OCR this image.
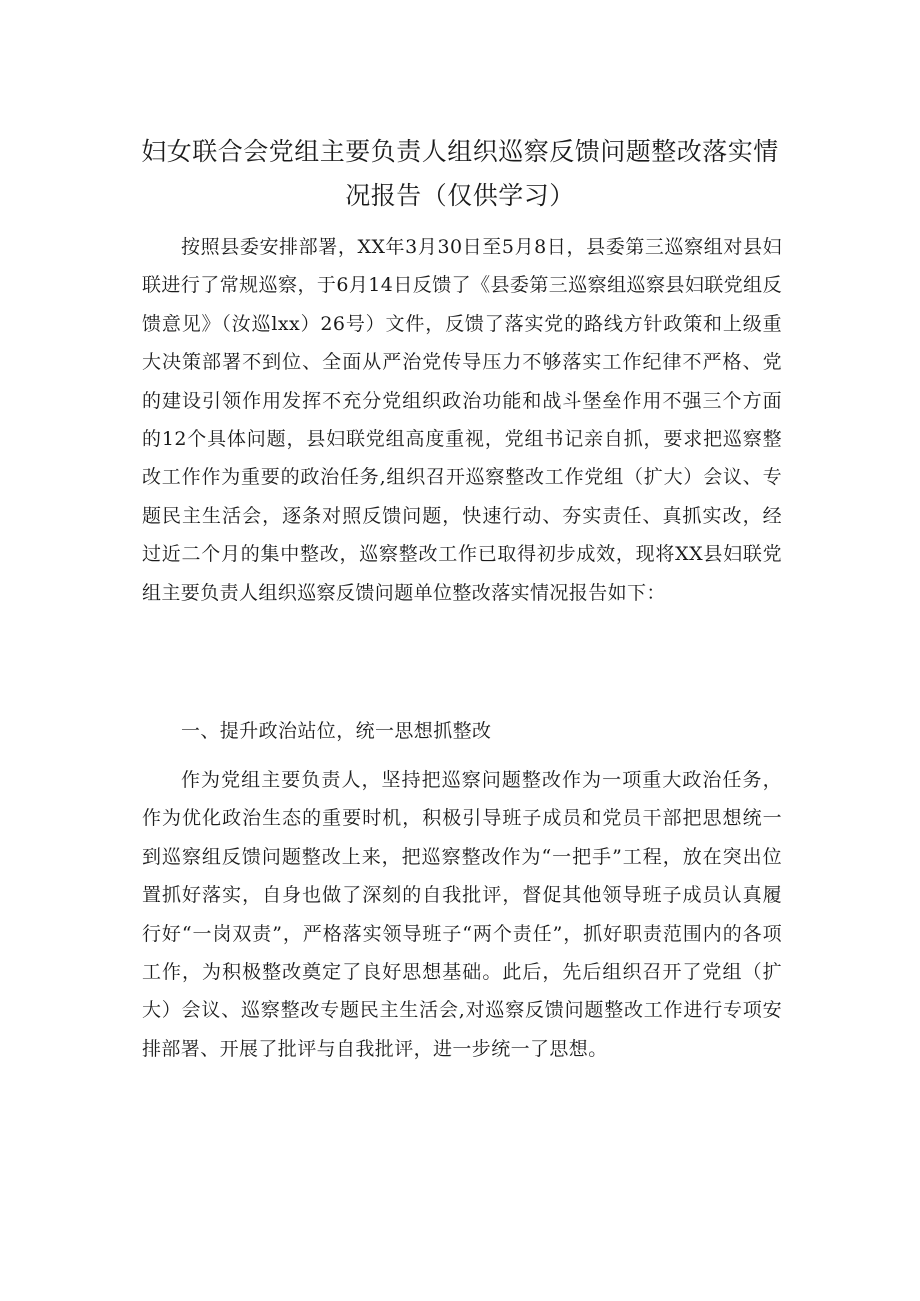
妇女联合会党组主要负责人组织巡察反馈问题整改落实情
况报告（仅供学习）

按照县委安排部署，XX年3月30日至5月8日，县委第三巡察组对县妇联进行了常规巡察，于6月14日反馈了《县委第三巡察组巡察县妇联党组反馈意见》（汝巡lxx）26号）文件，反馈了落实党的路线方针政策和上级重大决策部署不到位、全面从严治党传导压力不够落实工作纪律不严格、党的建设引领作用发挥不充分党组织政治功能和战斗堡垒作用不强三个方面的12个具体问题，县妇联党组高度重视，党组书记亲自抓，要求把巡察整改工作作为重要的政治任务,组织召开巡察整改工作党组（扩大）会议、专题民主生活会，逐条对照反馈问题，快速行动、夯实责任、真抓实改，经过近二个月的集中整改，巡察整改工作已取得初步成效，现将XX县妇联党组主要负责人组织巡察反馈问题单位整改落实情况报告如下：

一、提升政治站位，统一思想抓整改

作为党组主要负责人，坚持把巡察问题整改作为一项重大政治任务，作为优化政治生态的重要时机，积极引导班子成员和党员干部把思想统一到巡察组反馈问题整改上来，把巡察整改作为“一把手”工程，放在突出位置抓好落实，自身也做了深刻的自我批评，督促其他领导班子成员认真履行好“一岗双责”，严格落实领导班子“两个责任”，抓好职责范围内的各项工作，为积极整改奠定了良好思想基础。此后，先后组织召开了党组（扩大）会议、巡察整改专题民主生活会,对巡察反馈问题整改工作进行专项安排部署、开展了批评与自我批评，进一步统一了思想。
